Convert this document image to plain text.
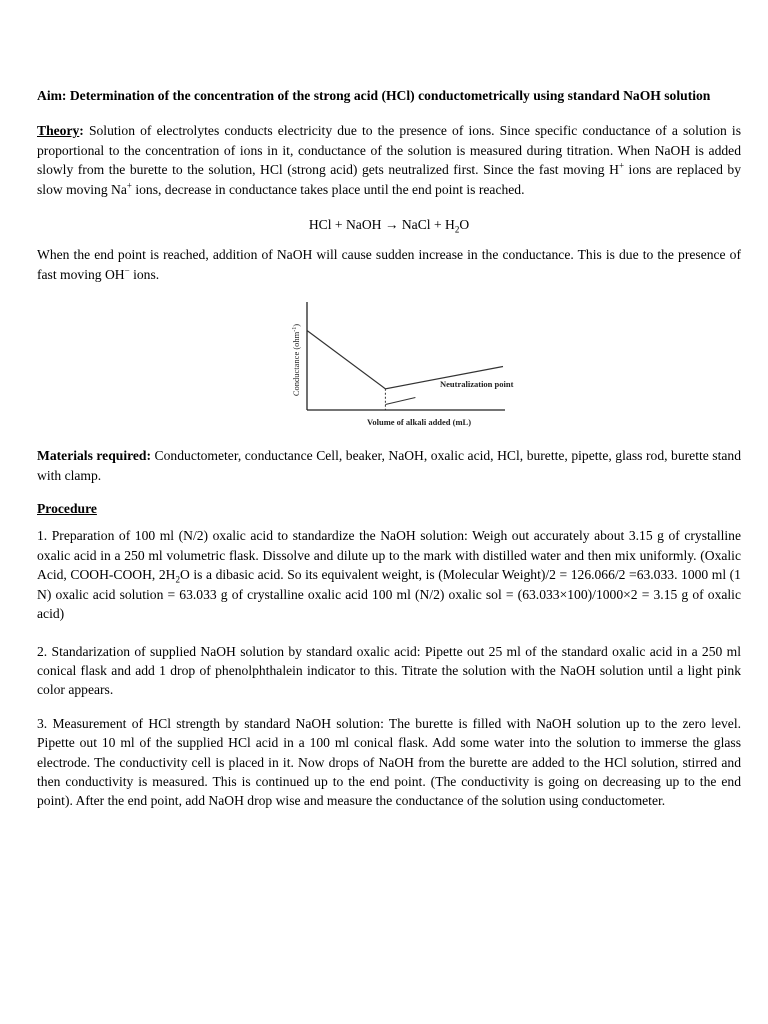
Aim: Determination of the concentration of the strong acid (HCl) conductometrically using standard NaOH solution

Theory: Solution of electrolytes conducts electricity due to the presence of ions. Since specific conductance of a solution is proportional to the concentration of ions in it, conductance of the solution is measured during titration. When NaOH is added slowly from the burette to the solution, HCl (strong acid) gets neutralized first. Since the fast moving H+ ions are replaced by slow moving Na+ ions, decrease in conductance takes place until the end point is reached.

HCl + NaOH → NaCl + $H_2O$

When the end point is reached, addition of NaOH will cause sudden increase in the conductance. This is due to the presence of fast moving OH− ions.

Conductance (ohm$^{-1}$)
Volume of alkali added (mL)
Neutralization point

Materials required: Conductometer, conductance Cell, beaker, NaOH, oxalic acid, HCl, burette, pipette, glass rod, burette stand with clamp.

Procedure

1. Preparation of 100 ml (N/2) oxalic acid to standardize the NaOH solution: Weigh out accurately about 3.15 g of crystalline oxalic acid in a 250 ml volumetric flask. Dissolve and dilute up to the mark with distilled water and then mix uniformly. (Oxalic Acid, COOH-COOH, $2H_2O$ is a dibasic acid. So its equivalent weight, is (Molecular Weight)/2 = 126.066/2 =63.033. 1000 ml (1 N) oxalic acid solution = 63.033 g of crystalline oxalic acid 100 ml (N/2) oxalic sol = (63.033×100)/1000×2 = 3.15 g of oxalic acid)

2. Standarization of supplied NaOH solution by standard oxalic acid: Pipette out 25 ml of the standard oxalic acid in a 250 ml conical flask and add 1 drop of phenolphthalein indicator to this. Titrate the solution with the NaOH solution until a light pink color appears.

3. Measurement of HCl strength by standard NaOH solution: The burette is filled with NaOH solution up to the zero level. Pipette out 10 ml of the supplied HCl acid in a 100 ml conical flask. Add some water into the solution to immerse the glass electrode. The conductivity cell is placed in it. Now drops of NaOH from the burette are added to the HCl solution, stirred and then conductivity is measured. This is continued up to the end point. (The conductivity is going on decreasing up to the end point). After the end point, add NaOH drop wise and measure the conductance of the solution using conductometer.
